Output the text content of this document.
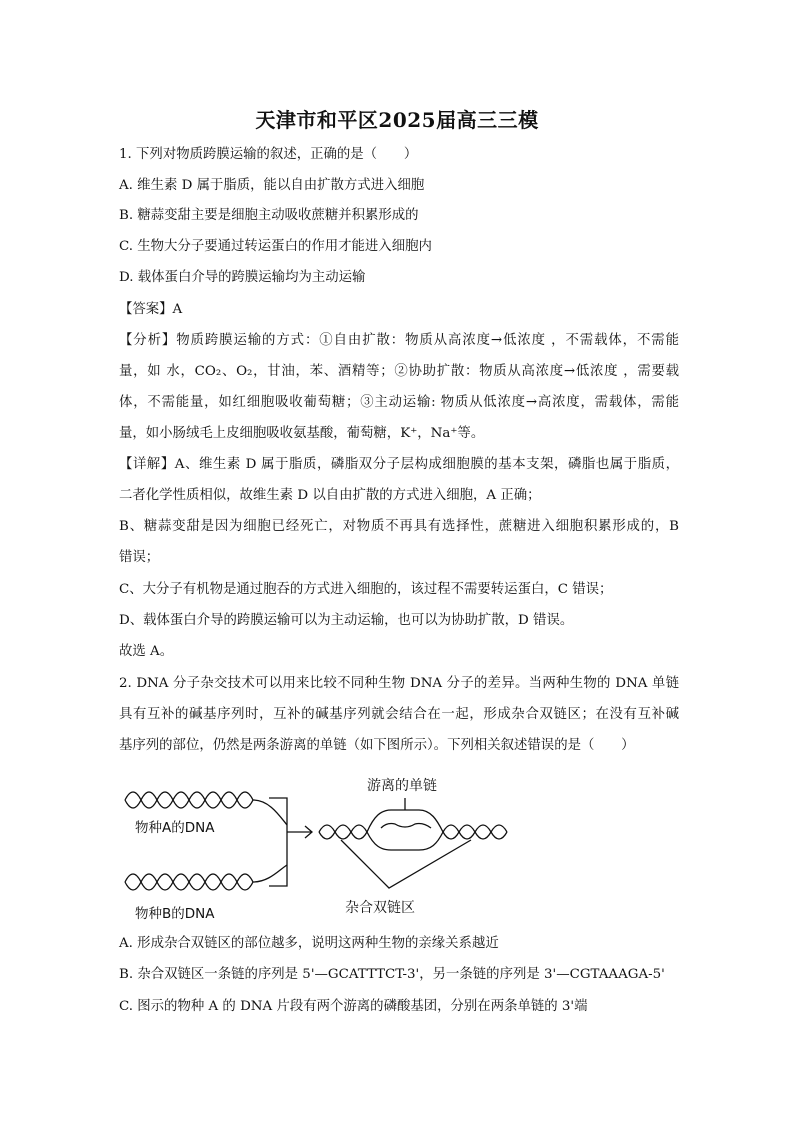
天津市和平区2025届高三三模
1. 下列对物质跨膜运输的叙述，正确的是（　　）
A. 维生素 D 属于脂质，能以自由扩散方式进入细胞
B. 糖蒜变甜主要是细胞主动吸收蔗糖并积累形成的
C. 生物大分子要通过转运蛋白的作用才能进入细胞内
D. 载体蛋白介导的跨膜运输均为主动运输
【答案】A
【分析】物质跨膜运输的方式：①自由扩散：物质从高浓度→低浓度 ，不需载体，不需能
量，如 水，CO₂、O₂，甘油，苯、酒精等；②协助扩散：物质从高浓度→低浓度 ，需要载
体，不需能量，如红细胞吸收葡萄糖；③主动运输: 物质从低浓度→高浓度，需载体，需能
量，如小肠绒毛上皮细胞吸收氨基酸，葡萄糖，K⁺，Na⁺等。
【详解】A、维生素 D 属于脂质，磷脂双分子层构成细胞膜的基本支架，磷脂也属于脂质，
二者化学性质相似，故维生素 D 以自由扩散的方式进入细胞，A 正确；
B、糖蒜变甜是因为细胞已经死亡，对物质不再具有选择性，蔗糖进入细胞积累形成的，B
错误；
C、大分子有机物是通过胞吞的方式进入细胞的，该过程不需要转运蛋白，C 错误；
D、载体蛋白介导的跨膜运输可以为主动运输，也可以为协助扩散，D 错误。
故选 A。
2. DNA 分子杂交技术可以用来比较不同种生物 DNA 分子的差异。当两种生物的 DNA 单链
具有互补的碱基序列时，互补的碱基序列就会结合在一起，形成杂合双链区；在没有互补碱
基序列的部位，仍然是两条游离的单链（如下图所示）。下列相关叙述错误的是（　　）
物种A的DNA
物种B的DNA
游离的单链
杂合双链区
A. 形成杂合双链区的部位越多，说明这两种生物的亲缘关系越近
B. 杂合双链区一条链的序列是 5'—GCATTTCT-3'，另一条链的序列是 3'—CGTAAAGA-5'
C. 图示的物种 A 的 DNA 片段有两个游离的磷酸基团，分别在两条单链的 3'端
